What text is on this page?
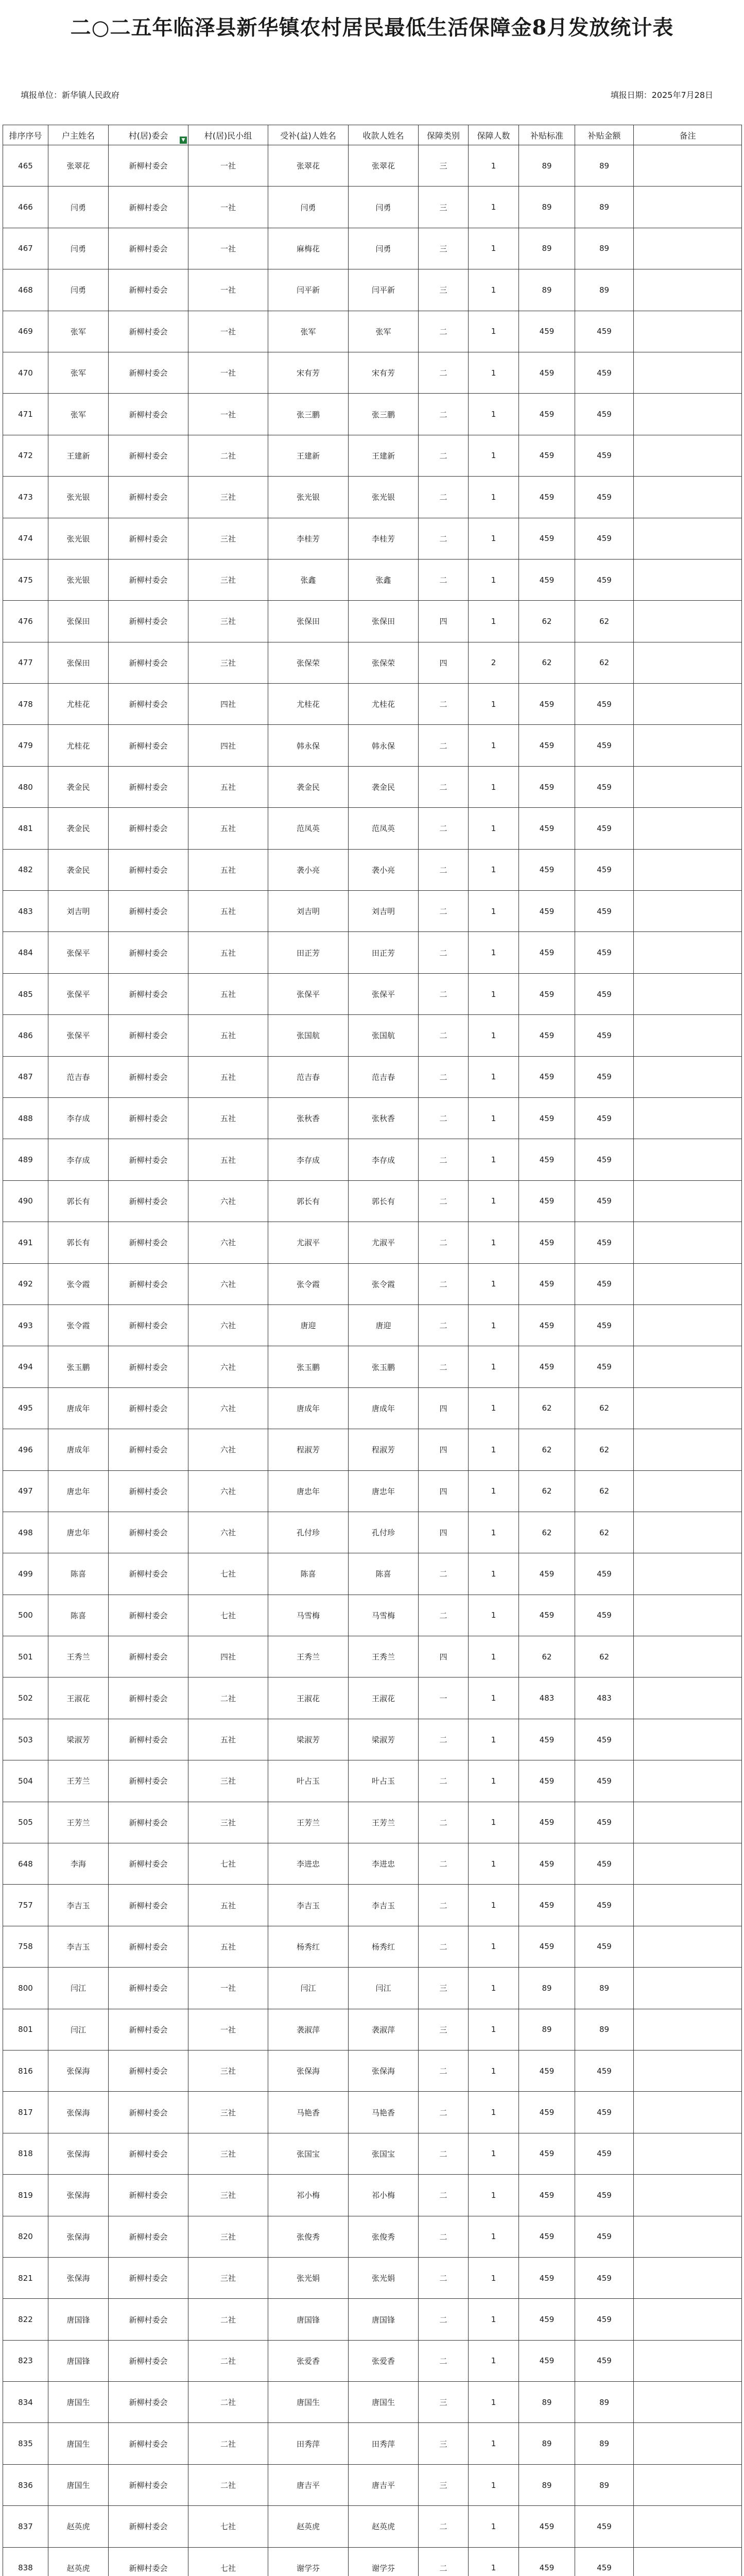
二○二五年临泽县新华镇农村居民最低生活保障金8月发放统计表
填报单位：新华镇人民政府	填报日期：2025年7月28日
排序序号	户主姓名	村(居)委会 ▼	村(居)民小组	受补(益)人姓名	收款人姓名	保障类别	保障人数	补贴标准	补贴金额	备注
465	张翠花	新柳村委会	一社	张翠花	张翠花	三	1	89	89	
466	闫勇	新柳村委会	一社	闫勇	闫勇	三	1	89	89	
467	闫勇	新柳村委会	一社	麻梅花	闫勇	三	1	89	89	
468	闫勇	新柳村委会	一社	闫平新	闫平新	三	1	89	89	
469	张军	新柳村委会	一社	张军	张军	二	1	459	459	
470	张军	新柳村委会	一社	宋有芳	宋有芳	二	1	459	459	
471	张军	新柳村委会	一社	张三鹏	张三鹏	二	1	459	459	
472	王建新	新柳村委会	二社	王建新	王建新	二	1	459	459	
473	张光银	新柳村委会	三社	张光银	张光银	二	1	459	459	
474	张光银	新柳村委会	三社	李桂芳	李桂芳	二	1	459	459	
475	张光银	新柳村委会	三社	张鑫	张鑫	二	1	459	459	
476	张保田	新柳村委会	三社	张保田	张保田	四	1	62	62	
477	张保田	新柳村委会	三社	张保荣	张保荣	四	2	62	62	
478	尤桂花	新柳村委会	四社	尤桂花	尤桂花	二	1	459	459	
479	尤桂花	新柳村委会	四社	韩永保	韩永保	二	1	459	459	
480	袭金民	新柳村委会	五社	袭金民	袭金民	二	1	459	459	
481	袭金民	新柳村委会	五社	范凤英	范凤英	二	1	459	459	
482	袭金民	新柳村委会	五社	袭小亮	袭小亮	二	1	459	459	
483	刘吉明	新柳村委会	五社	刘吉明	刘吉明	二	1	459	459	
484	张保平	新柳村委会	五社	田正芳	田正芳	二	1	459	459	
485	张保平	新柳村委会	五社	张保平	张保平	二	1	459	459	
486	张保平	新柳村委会	五社	张国航	张国航	二	1	459	459	
487	范吉春	新柳村委会	五社	范吉春	范吉春	二	1	459	459	
488	李存成	新柳村委会	五社	张秋香	张秋香	二	1	459	459	
489	李存成	新柳村委会	五社	李存成	李存成	二	1	459	459	
490	郭长有	新柳村委会	六社	郭长有	郭长有	二	1	459	459	
491	郭长有	新柳村委会	六社	尤淑平	尤淑平	二	1	459	459	
492	张令霞	新柳村委会	六社	张令霞	张令霞	二	1	459	459	
493	张令霞	新柳村委会	六社	唐迎	唐迎	二	1	459	459	
494	张玉鹏	新柳村委会	六社	张玉鹏	张玉鹏	二	1	459	459	
495	唐成年	新柳村委会	六社	唐成年	唐成年	四	1	62	62	
496	唐成年	新柳村委会	六社	程淑芳	程淑芳	四	1	62	62	
497	唐忠年	新柳村委会	六社	唐忠年	唐忠年	四	1	62	62	
498	唐忠年	新柳村委会	六社	孔付珍	孔付珍	四	1	62	62	
499	陈喜	新柳村委会	七社	陈喜	陈喜	二	1	459	459	
500	陈喜	新柳村委会	七社	马雪梅	马雪梅	二	1	459	459	
501	王秀兰	新柳村委会	四社	王秀兰	王秀兰	四	1	62	62	
502	王淑花	新柳村委会	二社	王淑花	王淑花	一	1	483	483	
503	梁淑芳	新柳村委会	五社	梁淑芳	梁淑芳	二	1	459	459	
504	王芳兰	新柳村委会	三社	叶占玉	叶占玉	二	1	459	459	
505	王芳兰	新柳村委会	三社	王芳兰	王芳兰	二	1	459	459	
648	李海	新柳村委会	七社	李进忠	李进忠	二	1	459	459	
757	李吉玉	新柳村委会	五社	李吉玉	李吉玉	二	1	459	459	
758	李吉玉	新柳村委会	五社	杨秀红	杨秀红	二	1	459	459	
800	闫江	新柳村委会	一社	闫江	闫江	三	1	89	89	
801	闫江	新柳村委会	一社	袭淑萍	袭淑萍	三	1	89	89	
816	张保海	新柳村委会	三社	张保海	张保海	二	1	459	459	
817	张保海	新柳村委会	三社	马艳香	马艳香	二	1	459	459	
818	张保海	新柳村委会	三社	张国宝	张国宝	二	1	459	459	
819	张保海	新柳村委会	三社	祁小梅	祁小梅	二	1	459	459	
820	张保海	新柳村委会	三社	张俊秀	张俊秀	二	1	459	459	
821	张保海	新柳村委会	三社	张光娟	张光娟	二	1	459	459	
822	唐国锋	新柳村委会	二社	唐国锋	唐国锋	二	1	459	459	
823	唐国锋	新柳村委会	二社	张爱香	张爱香	二	1	459	459	
834	唐国生	新柳村委会	二社	唐国生	唐国生	三	1	89	89	
835	唐国生	新柳村委会	二社	田秀萍	田秀萍	三	1	89	89	
836	唐国生	新柳村委会	二社	唐吉平	唐吉平	三	1	89	89	
837	赵英虎	新柳村委会	七社	赵英虎	赵英虎	二	1	459	459	
838	赵英虎	新柳村委会	七社	谢学芬	谢学芬	二	1	459	459	
